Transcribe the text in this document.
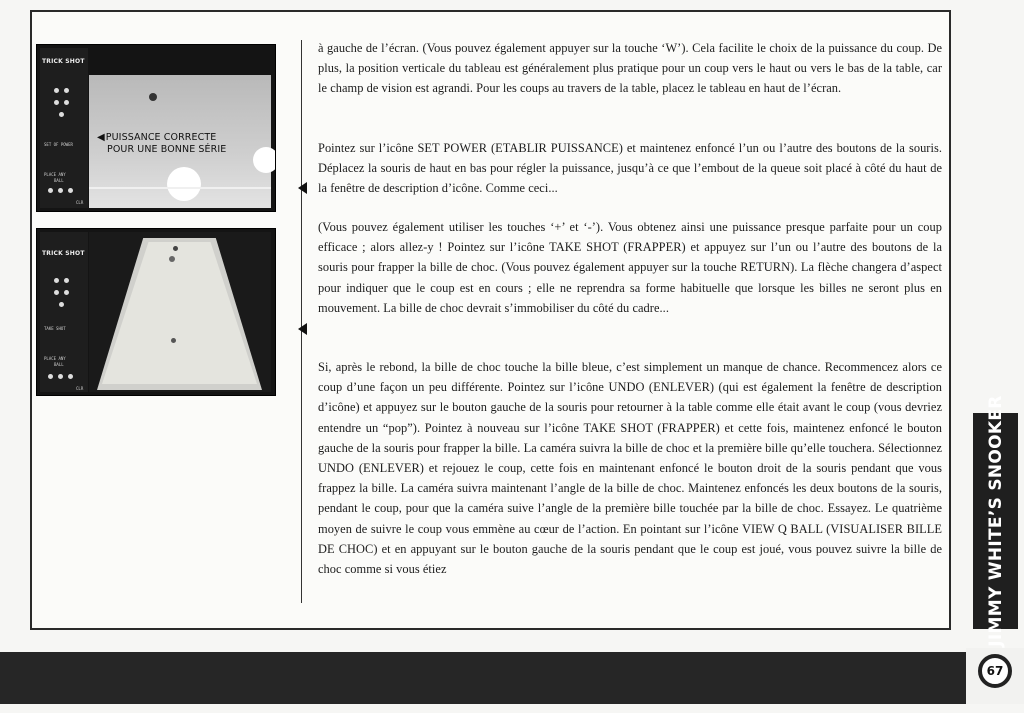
TRICK SHOT
SET OF POWER
PLACE ANY
BALL
CLR
◀PUISSANCE CORRECTE
POUR UNE BONNE SÉRIE
TRICK SHOT
TAKE SHOT
PLACE ANY
BALL
CLR
à gauche de l’écran. (Vous pouvez également appuyer sur la touche ‘W’). Cela facilite le choix de la puissance du coup. De plus, la position verticale du tableau est généralement plus pratique pour un coup vers le haut ou vers le bas de la table, car le champ de vision est agrandi. Pour les coups au travers de la table, placez le tableau en haut de l’écran.
Pointez sur l’icône SET POWER (ETABLIR PUISSANCE) et maintenez enfoncé l’un ou l’autre des boutons de la souris. Déplacez la souris de haut en bas pour régler la puissance, jusqu’à ce que l’embout de la queue soit placé à côté du haut de la fenêtre de description d’icône. Comme ceci...
(Vous pouvez également utiliser les touches ‘+’ et ‘-’). Vous obtenez ainsi une puissance presque parfaite pour un coup efficace ; alors allez-y ! Pointez sur l’icône TAKE SHOT (FRAPPER) et appuyez sur l’un ou l’autre des boutons de la souris pour frapper la bille de choc. (Vous pouvez également appuyer sur la touche RETURN). La flèche changera d’aspect pour indiquer que le coup est en cours ; elle ne reprendra sa forme habituelle que lorsque les billes ne seront plus en mouvement. La bille de choc devrait s’immobiliser du côté du cadre...
Si, après le rebond, la bille de choc touche la bille bleue, c’est simplement un manque de chance. Recommencez alors ce coup d’une façon un peu différente. Pointez sur l’icône UNDO (ENLEVER) (qui est également la fenêtre de description d’icône) et appuyez sur le bouton gauche de la souris pour retourner à la table comme elle était avant le coup (vous devriez entendre un “pop”). Pointez à nouveau sur l’icône TAKE SHOT (FRAPPER) et cette fois, maintenez enfoncé le bouton gauche de la souris pour frapper la bille. La caméra suivra la bille de choc et la première bille qu’elle touchera. Sélectionnez UNDO (ENLEVER) et rejouez le coup, cette fois en maintenant enfoncé le bouton droit de la souris pendant que vous frappez la bille. La caméra suivra maintenant l’angle de la bille de choc. Maintenez enfoncés les deux boutons de la souris, pendant le coup, pour que la caméra suive l’angle de la première bille touchée par la bille de choc. Essayez. Le quatrième moyen de suivre le coup vous emmène au cœur de l’action. En pointant sur l’icône VIEW Q BALL (VISUALISER BILLE DE CHOC) et en appuyant sur le bouton gauche de la souris pendant que le coup est joué, vous pouvez suivre la bille de choc comme si vous étiez	JIMMY WHITE’S SNOOKER
67
